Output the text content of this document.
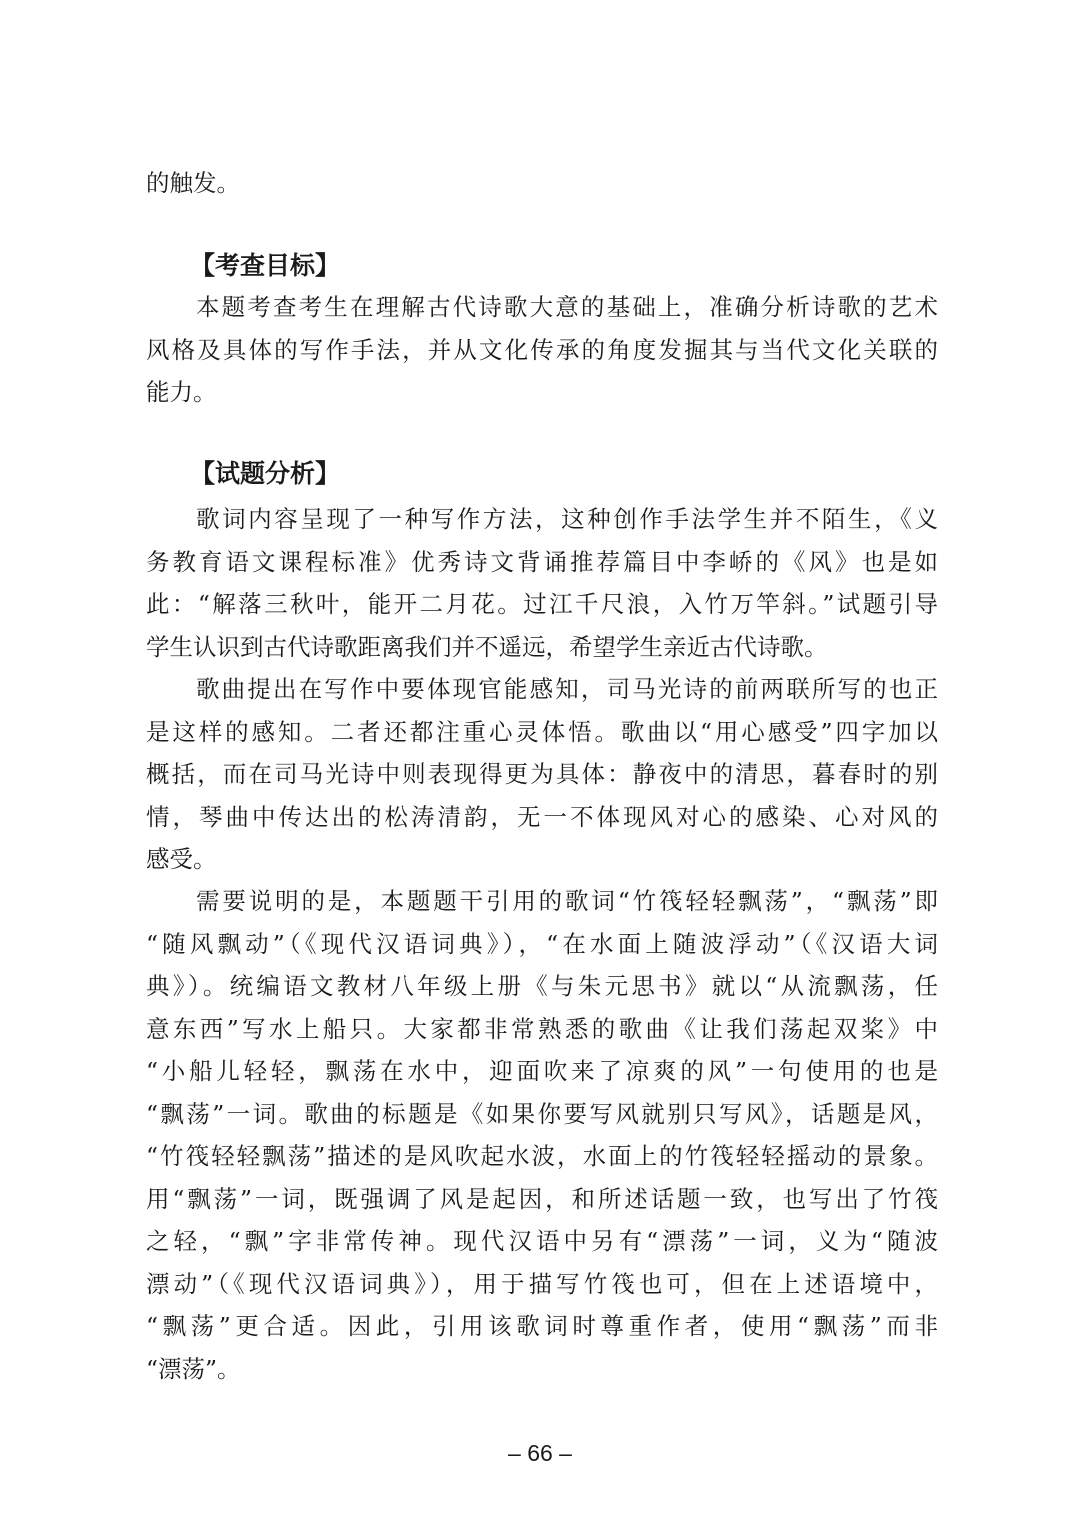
的触发。
【考查目标】
本题考查考生在理解古代诗歌大意的基础上，准确分析诗歌的艺术
风格及具体的写作手法，并从文化传承的角度发掘其与当代文化关联的
能力。
【试题分析】
歌词内容呈现了一种写作方法，这种创作手法学生并不陌生，《义
务教育语文课程标准》优秀诗文背诵推荐篇目中李峤的《风》也是如
此：“解落三秋叶，能开二月花。过江千尺浪，入竹万竿斜。”试题引导
学生认识到古代诗歌距离我们并不遥远，希望学生亲近古代诗歌。
歌曲提出在写作中要体现官能感知，司马光诗的前两联所写的也正
是这样的感知。二者还都注重心灵体悟。歌曲以“用心感受”四字加以
概括，而在司马光诗中则表现得更为具体：静夜中的清思，暮春时的别
情，琴曲中传达出的松涛清韵，无一不体现风对心的感染、心对风的
感受。
需要说明的是，本题题干引用的歌词“竹筏轻轻飘荡”，“飘荡”即
“随风飘动”（《现代汉语词典》），“在水面上随波浮动”（《汉语大词
典》）。统编语文教材八年级上册《与朱元思书》就以“从流飘荡，任
意东西”写水上船只。大家都非常熟悉的歌曲《让我们荡起双桨》中
“小船儿轻轻，飘荡在水中，迎面吹来了凉爽的风”一句使用的也是
“飘荡”一词。歌曲的标题是《如果你要写风就别只写风》，话题是风，
“竹筏轻轻飘荡”描述的是风吹起水波，水面上的竹筏轻轻摇动的景象。
用“飘荡”一词，既强调了风是起因，和所述话题一致，也写出了竹筏
之轻，“飘”字非常传神。现代汉语中另有“漂荡”一词，义为“随波
漂动”（《现代汉语词典》），用于描写竹筏也可，但在上述语境中，
“飘荡”更合适。因此，引用该歌词时尊重作者，使用“飘荡”而非
“漂荡”。
– 66 –
